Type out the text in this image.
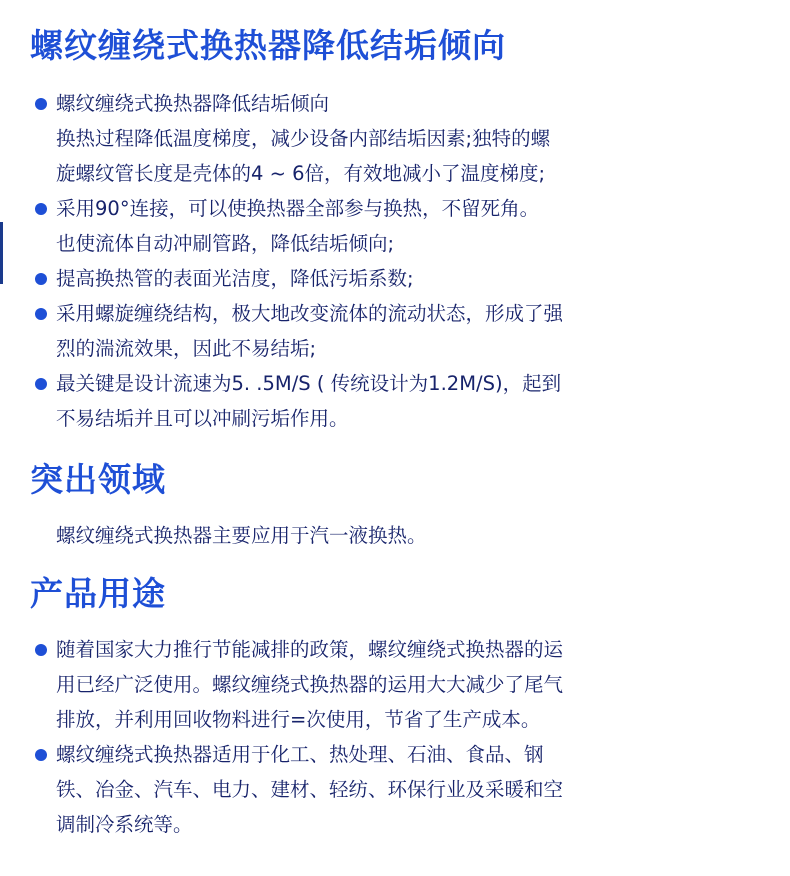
螺纹缠绕式换热器降低结垢倾向
螺纹缠绕式换热器降低结垢倾向
换热过程降低温度梯度，减少设备内部结垢因素;独特的螺
旋螺纹管长度是壳体的4 ~ 6倍，有效地减小了温度梯度;
采用90°连接，可以使换热器全部参与换热，不留死角。
也使流体自动冲刷管路，降低结垢倾向;
提高换热管的表面光洁度，降低污垢系数;
采用螺旋缠绕结构，极大地改变流体的流动状态，形成了强
烈的湍流效果，因此不易结垢;
最关键是设计流速为5. .5M/S ( 传统设计为1.2M/S)，起到
不易结垢并且可以冲刷污垢作用。
突出领域

螺纹缠绕式换热器主要应用于汽一液换热。

产品用途
随着国家大力推行节能减排的政策，螺纹缠绕式换热器的运
用已经广泛使用。螺纹缠绕式换热器的运用大大减少了尾气
排放，并利用回收物料进行=次使用，节省了生产成本。
螺纹缠绕式换热器适用于化工、热处理、石油、食品、钢
铁、冶金、汽车、电力、建材、轻纺、环保行业及采暖和空
调制冷系统等。
